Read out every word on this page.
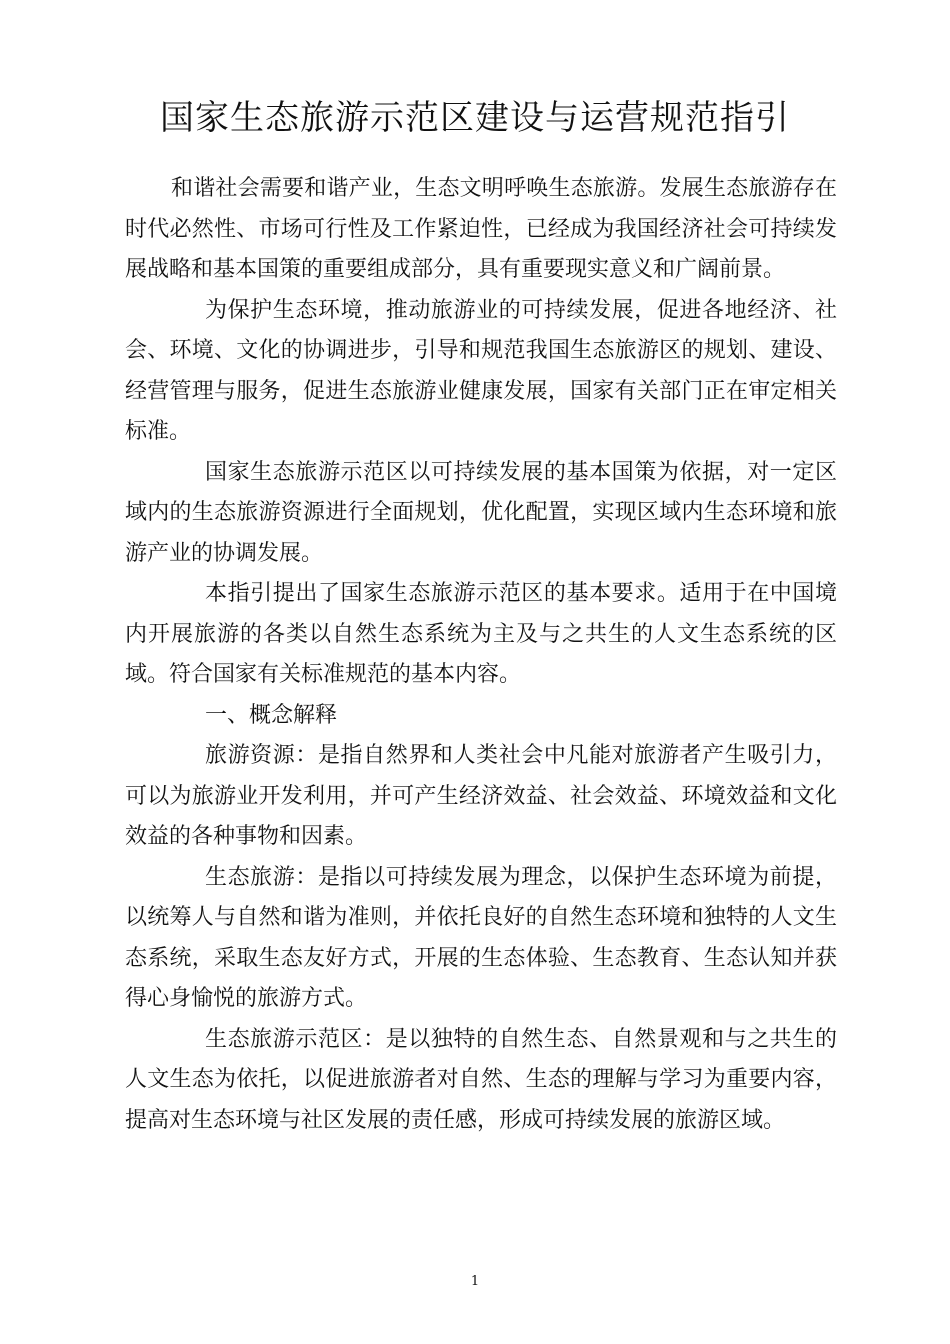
国家生态旅游示范区建设与运营规范指引

和谐社会需要和谐产业，生态文明呼唤生态旅游。发展生态旅游存在时代必然性、市场可行性及工作紧迫性，已经成为我国经济社会可持续发展战略和基本国策的重要组成部分，具有重要现实意义和广阔前景。

为保护生态环境，推动旅游业的可持续发展，促进各地经济、社会、环境、文化的协调进步，引导和规范我国生态旅游区的规划、建设、经营管理与服务，促进生态旅游业健康发展，国家有关部门正在审定相关标准。

国家生态旅游示范区以可持续发展的基本国策为依据，对一定区域内的生态旅游资源进行全面规划，优化配置，实现区域内生态环境和旅游产业的协调发展。

本指引提出了国家生态旅游示范区的基本要求。适用于在中国境内开展旅游的各类以自然生态系统为主及与之共生的人文生态系统的区域。符合国家有关标准规范的基本内容。

一、概念解释

旅游资源：是指自然界和人类社会中凡能对旅游者产生吸引力，可以为旅游业开发利用，并可产生经济效益、社会效益、环境效益和文化效益的各种事物和因素。

生态旅游：是指以可持续发展为理念，以保护生态环境为前提，以统筹人与自然和谐为准则，并依托良好的自然生态环境和独特的人文生态系统，采取生态友好方式，开展的生态体验、生态教育、生态认知并获得心身愉悦的旅游方式。

生态旅游示范区：是以独特的自然生态、自然景观和与之共生的人文生态为依托，以促进旅游者对自然、生态的理解与学习为重要内容，提高对生态环境与社区发展的责任感，形成可持续发展的旅游区域。

1
